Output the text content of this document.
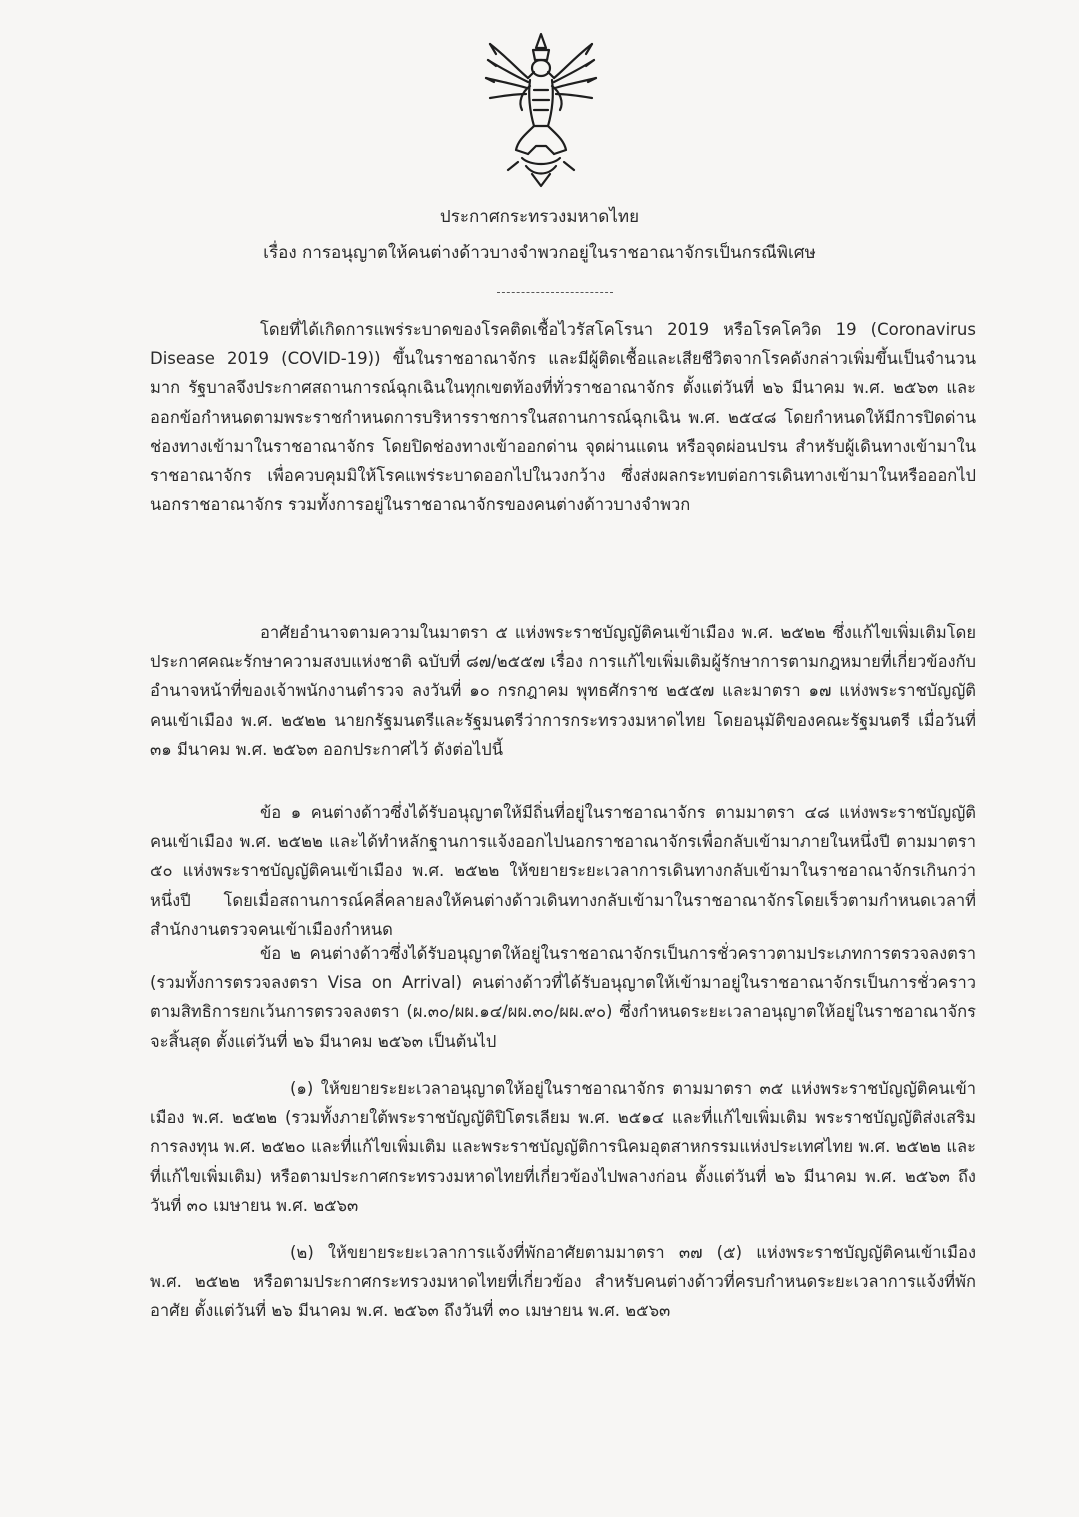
ประกาศกระทรวงมหาดไทย
เรื่อง การอนุญาตให้คนต่างด้าวบางจำพวกอยู่ในราชอาณาจักรเป็นกรณีพิเศษ

โดยที่ได้เกิดการแพร่ระบาดของโรคติดเชื้อไวรัสโคโรนา 2019 หรือโรคโควิด 19 (Coronavirus Disease 2019 (COVID-19)) ขึ้นในราชอาณาจักร และมีผู้ติดเชื้อและเสียชีวิตจากโรคดังกล่าวเพิ่มขึ้นเป็นจำนวนมาก รัฐบาลจึงประกาศสถานการณ์ฉุกเฉินในทุกเขตท้องที่ทั่วราชอาณาจักร ตั้งแต่วันที่ ๒๖ มีนาคม พ.ศ. ๒๕๖๓ และออกข้อกำหนดตามพระราชกำหนดการบริหารราชการในสถานการณ์ฉุกเฉิน พ.ศ. ๒๕๔๘ โดยกำหนดให้มีการปิดด่านช่องทางเข้ามาในราชอาณาจักร โดยปิดช่องทางเข้าออกด่าน จุดผ่านแดน หรือจุดผ่อนปรน สำหรับผู้เดินทางเข้ามาในราชอาณาจักร เพื่อควบคุมมิให้โรคแพร่ระบาดออกไปในวงกว้าง ซึ่งส่งผลกระทบต่อการเดินทางเข้ามาในหรือออกไปนอกราชอาณาจักร รวมทั้งการอยู่ในราชอาณาจักรของคนต่างด้าวบางจำพวก

อาศัยอำนาจตามความในมาตรา ๕ แห่งพระราชบัญญัติคนเข้าเมือง พ.ศ. ๒๕๒๒ ซึ่งแก้ไขเพิ่มเติมโดยประกาศคณะรักษาความสงบแห่งชาติ ฉบับที่ ๘๗/๒๕๕๗ เรื่อง การแก้ไขเพิ่มเติมผู้รักษาการตามกฎหมายที่เกี่ยวข้องกับอำนาจหน้าที่ของเจ้าพนักงานตำรวจ ลงวันที่ ๑๐ กรกฎาคม พุทธศักราช ๒๕๕๗ และมาตรา ๑๗ แห่งพระราชบัญญัติคนเข้าเมือง พ.ศ. ๒๕๒๒ นายกรัฐมนตรีและรัฐมนตรีว่าการกระทรวงมหาดไทย โดยอนุมัติของคณะรัฐมนตรี เมื่อวันที่ ๓๑ มีนาคม พ.ศ. ๒๕๖๓ ออกประกาศไว้ ดังต่อไปนี้

ข้อ ๑ คนต่างด้าวซึ่งได้รับอนุญาตให้มีถิ่นที่อยู่ในราชอาณาจักร ตามมาตรา ๔๘ แห่งพระราชบัญญัติคนเข้าเมือง พ.ศ. ๒๕๒๒ และได้ทำหลักฐานการแจ้งออกไปนอกราชอาณาจักรเพื่อกลับเข้ามาภายในหนึ่งปี ตามมาตรา ๕๐ แห่งพระราชบัญญัติคนเข้าเมือง พ.ศ. ๒๕๒๒ ให้ขยายระยะเวลาการเดินทางกลับเข้ามาในราชอาณาจักรเกินกว่าหนึ่งปี โดยเมื่อสถานการณ์คลี่คลายลงให้คนต่างด้าวเดินทางกลับเข้ามาในราชอาณาจักรโดยเร็วตามกำหนดเวลาที่สำนักงานตรวจคนเข้าเมืองกำหนด

ข้อ ๒ คนต่างด้าวซึ่งได้รับอนุญาตให้อยู่ในราชอาณาจักรเป็นการชั่วคราวตามประเภทการตรวจลงตรา (รวมทั้งการตรวจลงตรา Visa on Arrival) คนต่างด้าวที่ได้รับอนุญาตให้เข้ามาอยู่ในราชอาณาจักรเป็นการชั่วคราวตามสิทธิการยกเว้นการตรวจลงตรา (ผ.๓๐/ผผ.๑๔/ผผ.๓๐/ผผ.๙๐) ซึ่งกำหนดระยะเวลาอนุญาตให้อยู่ในราชอาณาจักรจะสิ้นสุด ตั้งแต่วันที่ ๒๖ มีนาคม ๒๕๖๓ เป็นต้นไป

(๑) ให้ขยายระยะเวลาอนุญาตให้อยู่ในราชอาณาจักร ตามมาตรา ๓๕ แห่งพระราชบัญญัติคนเข้าเมือง พ.ศ. ๒๕๒๒ (รวมทั้งภายใต้พระราชบัญญัติปิโตรเลียม พ.ศ. ๒๕๑๔ และที่แก้ไขเพิ่มเติม พระราชบัญญัติส่งเสริมการลงทุน พ.ศ. ๒๕๒๐ และที่แก้ไขเพิ่มเติม และพระราชบัญญัติการนิคมอุตสาหกรรมแห่งประเทศไทย พ.ศ. ๒๕๒๒ และที่แก้ไขเพิ่มเติม) หรือตามประกาศกระทรวงมหาดไทยที่เกี่ยวข้องไปพลางก่อน ตั้งแต่วันที่ ๒๖ มีนาคม พ.ศ. ๒๕๖๓ ถึงวันที่ ๓๐ เมษายน พ.ศ. ๒๕๖๓

(๒) ให้ขยายระยะเวลาการแจ้งที่พักอาศัยตามมาตรา ๓๗ (๕) แห่งพระราชบัญญัติคนเข้าเมือง พ.ศ. ๒๕๒๒ หรือตามประกาศกระทรวงมหาดไทยที่เกี่ยวข้อง สำหรับคนต่างด้าวที่ครบกำหนดระยะเวลาการแจ้งที่พักอาศัย ตั้งแต่วันที่ ๒๖ มีนาคม พ.ศ. ๒๕๖๓ ถึงวันที่ ๓๐ เมษายน พ.ศ. ๒๕๖๓
